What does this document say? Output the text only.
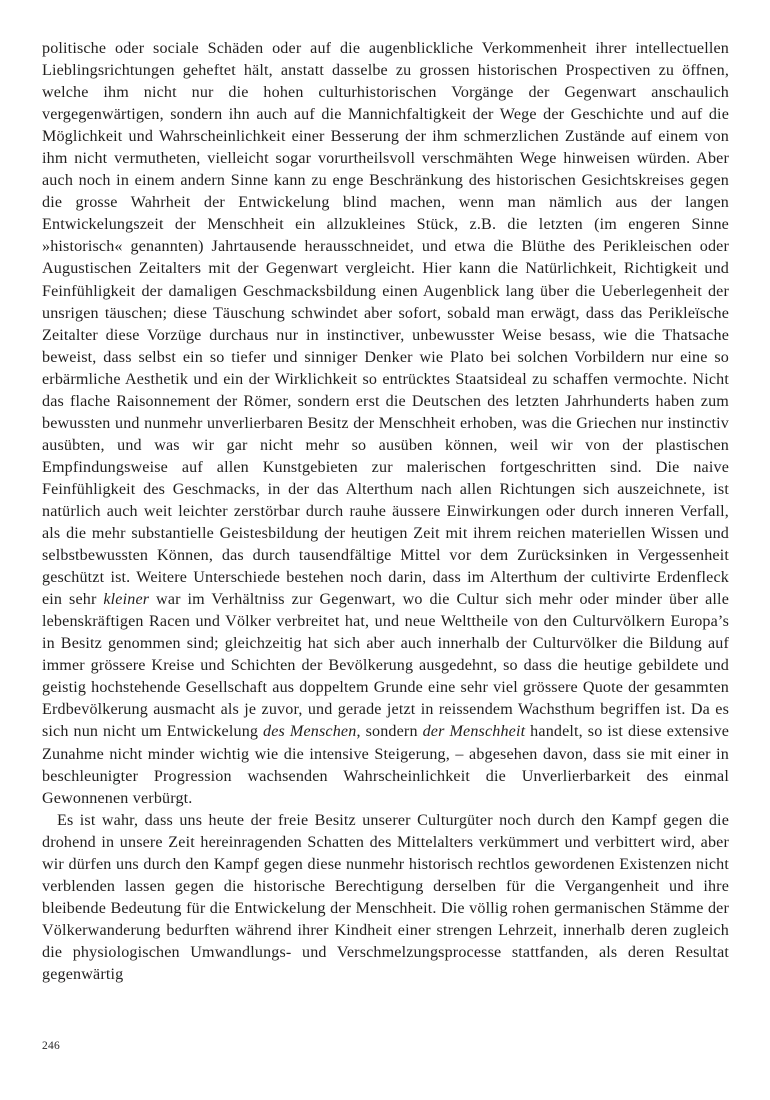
politische oder sociale Schäden oder auf die augenblickliche Verkommenheit ihrer intellectuellen Lieblingsrichtungen geheftet hält, anstatt dasselbe zu grossen historischen Prospectiven zu öffnen, welche ihm nicht nur die hohen culturhistorischen Vorgänge der Gegenwart anschaulich vergegenwärtigen, sondern ihn auch auf die Mannichfaltigkeit der Wege der Geschichte und auf die Möglichkeit und Wahrscheinlichkeit einer Besserung der ihm schmerzlichen Zustände auf einem von ihm nicht vermutheten, vielleicht sogar vorurtheilsvoll verschmähten Wege hinweisen würden. Aber auch noch in einem andern Sinne kann zu enge Beschränkung des historischen Gesichtskreises gegen die grosse Wahrheit der Entwickelung blind machen, wenn man nämlich aus der langen Entwickelungszeit der Menschheit ein allzukleines Stück, z.B. die letzten (im engeren Sinne »historisch« genannten) Jahrtausende herausschneidet, und etwa die Blüthe des Perikleischen oder Augustischen Zeitalters mit der Gegenwart vergleicht. Hier kann die Natürlichkeit, Richtigkeit und Feinfühligkeit der damaligen Geschmacksbildung einen Augenblick lang über die Ueberlegenheit der unsrigen täuschen; diese Täuschung schwindet aber sofort, sobald man erwägt, dass das Perikleïsche Zeitalter diese Vorzüge durchaus nur in instinctiver, unbewusster Weise besass, wie die Thatsache beweist, dass selbst ein so tiefer und sinniger Denker wie Plato bei solchen Vorbildern nur eine so erbärmliche Aesthetik und ein der Wirklichkeit so entrücktes Staatsideal zu schaffen vermochte. Nicht das flache Raisonnement der Römer, sondern erst die Deutschen des letzten Jahrhunderts haben zum bewussten und nunmehr unverlierbaren Besitz der Menschheit erhoben, was die Griechen nur instinctiv ausübten, und was wir gar nicht mehr so ausüben können, weil wir von der plastischen Empfindungsweise auf allen Kunstgebieten zur malerischen fortgeschritten sind. Die naive Feinfühligkeit des Geschmacks, in der das Alterthum nach allen Richtungen sich auszeichnete, ist natürlich auch weit leichter zerstörbar durch rauhe äussere Einwirkungen oder durch inneren Verfall, als die mehr substantielle Geistesbildung der heutigen Zeit mit ihrem reichen materiellen Wissen und selbstbewussten Können, das durch tausendfältige Mittel vor dem Zurücksinken in Vergessenheit geschützt ist. Weitere Unterschiede bestehen noch darin, dass im Alterthum der cultivirte Erdenfleck ein sehr kleiner war im Verhältniss zur Gegenwart, wo die Cultur sich mehr oder minder über alle lebenskräftigen Racen und Völker verbreitet hat, und neue Welttheile von den Culturvölkern Europa’s in Besitz genommen sind; gleichzeitig hat sich aber auch innerhalb der Culturvölker die Bildung auf immer grössere Kreise und Schichten der Bevölkerung ausgedehnt, so dass die heutige gebildete und geistig hochstehende Gesellschaft aus doppeltem Grunde eine sehr viel grössere Quote der gesammten Erdbevölkerung ausmacht als je zuvor, und gerade jetzt in reissendem Wachsthum begriffen ist. Da es sich nun nicht um Entwickelung des Menschen, sondern der Menschheit handelt, so ist diese extensive Zunahme nicht minder wichtig wie die intensive Steigerung, – abgesehen davon, dass sie mit einer in beschleunigter Progression wachsenden Wahrscheinlichkeit die Unverlierbarkeit des einmal Gewonnenen verbürgt.

Es ist wahr, dass uns heute der freie Besitz unserer Culturgüter noch durch den Kampf gegen die drohend in unsere Zeit hereinragenden Schatten des Mittelalters verkümmert und verbittert wird, aber wir dürfen uns durch den Kampf gegen diese nunmehr historisch rechtlos gewordenen Existenzen nicht verblenden lassen gegen die historische Berechtigung derselben für die Vergangenheit und ihre bleibende Bedeutung für die Entwickelung der Menschheit. Die völlig rohen germanischen Stämme der Völkerwanderung bedurften während ihrer Kindheit einer strengen Lehrzeit, innerhalb deren zugleich die physiologischen Umwandlungs- und Verschmelzungsprocesse stattfanden, als deren Resultat gegenwärtig

246
